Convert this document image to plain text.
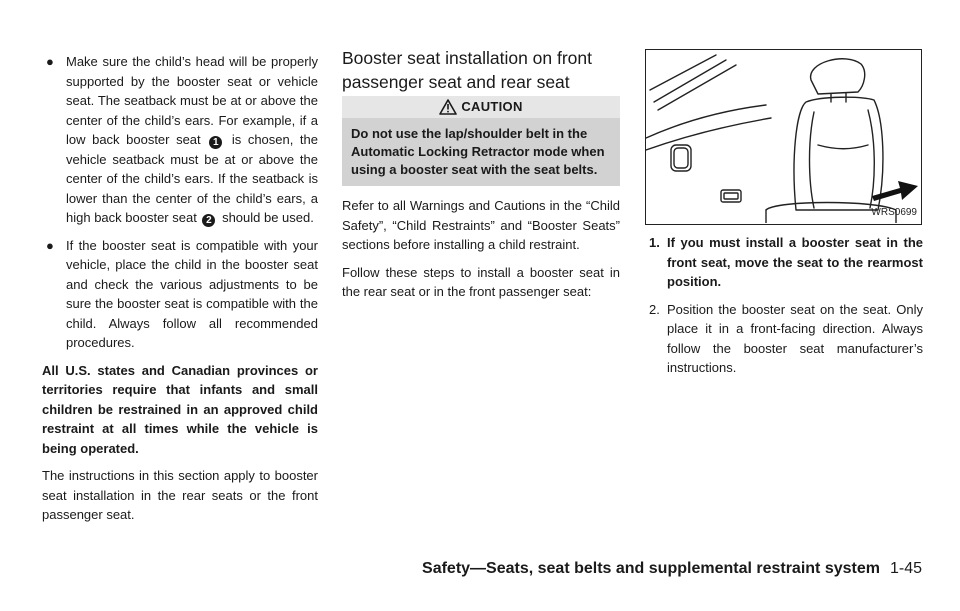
● Make sure the child’s head will be properly supported by the booster seat or vehicle seat. The seatback must be at or above the center of the child’s ears. For example, if a low back booster seat 1 is chosen, the vehicle seatback must be at or above the center of the child’s ears. If the seatback is lower than the center of the child’s ears, a high back booster seat 2 should be used.
● If the booster seat is compatible with your vehicle, place the child in the booster seat and check the various adjustments to be sure the booster seat is compatible with the child. Always follow all recommended procedures.

All U.S. states and Canadian provinces or territories require that infants and small children be restrained in an approved child restraint at all times while the vehicle is being operated.

The instructions in this section apply to booster seat installation in the rear seats or the front passenger seat.

Booster seat installation on front passenger seat and rear seat
CAUTION
Do not use the lap/shoulder belt in the Automatic Locking Retractor mode when using a booster seat with the seat belts.

Refer to all Warnings and Cautions in the “Child Safety”, “Child Restraints” and “Booster Seats” sections before installing a child restraint.

Follow these steps to install a booster seat in the rear seat or in the front passenger seat:

WRS0699
1. If you must install a booster seat in the front seat, move the seat to the rearmost position.
2. Position the booster seat on the seat. Only place it in a front-facing direction. Always follow the booster seat manufacturer’s instructions.
Safety—Seats, seat belts and supplemental restraint system 1-45
